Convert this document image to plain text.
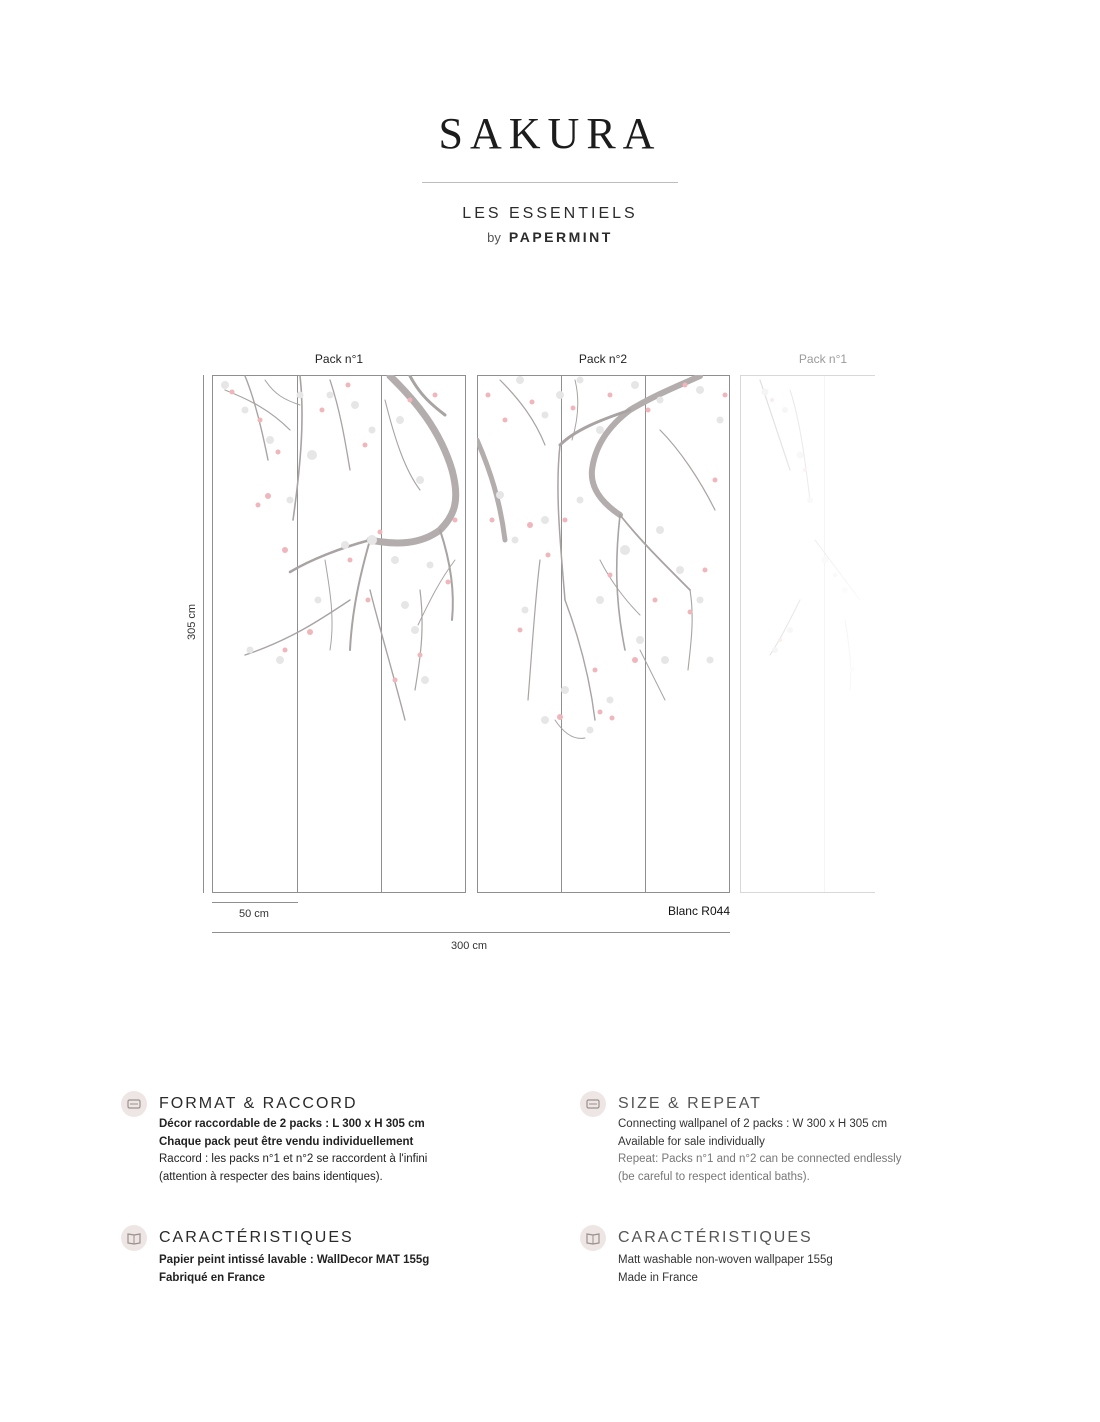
SAKURA
LES ESSENTIELS
by PAPERMINT
Pack n°1	Pack n°2	Pack n°1
305 cm
50 cm
300 cm
Blanc R044
FORMAT & RACCORD
Décor raccordable de 2 packs : L 300 x H 305 cm
Chaque pack peut être vendu individuellement
Raccord : les packs n°1 et n°2 se raccordent à l'infini
(attention à respecter des bains identiques).
SIZE & REPEAT
Connecting wallpanel of 2 packs : W 300 x H 305 cm
Available for sale individually
Repeat: Packs n°1 and n°2 can be connected endlessly
(be careful to respect identical baths).
CARACTÉRISTIQUES
Papier peint intissé lavable : WallDecor MAT 155g
Fabriqué en France
CARACTÉRISTIQUES
Matt washable non-woven wallpaper 155g
Made in France
